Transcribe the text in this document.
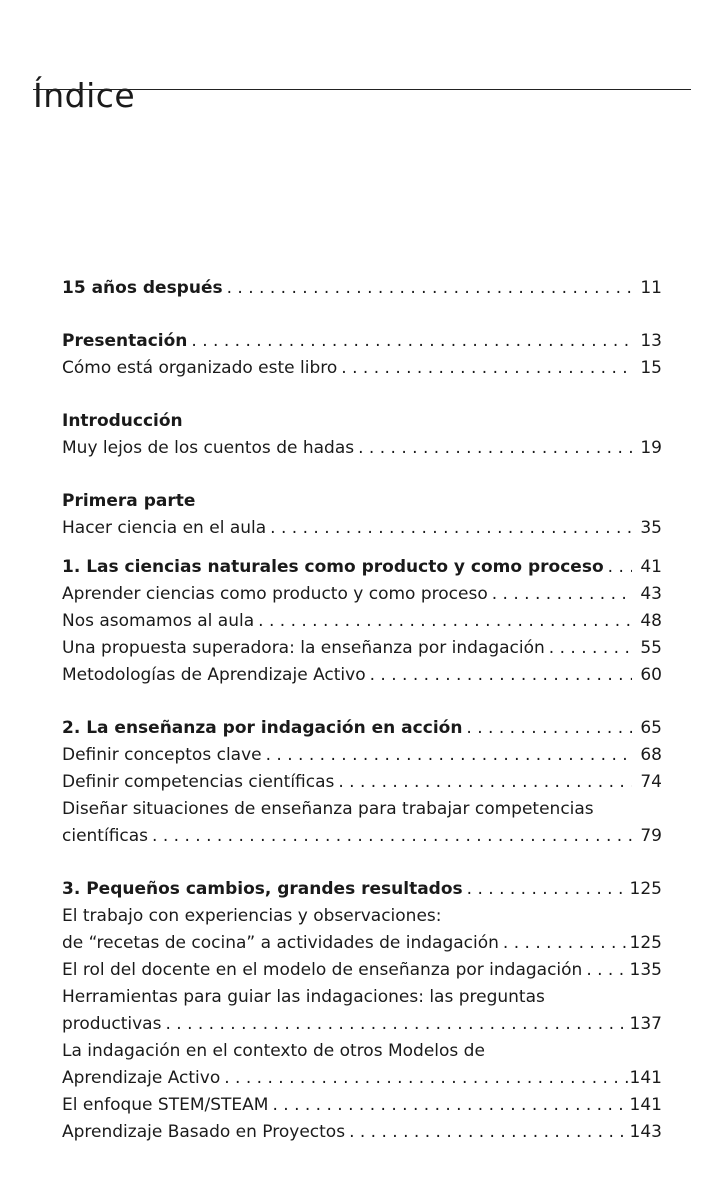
Índice
15 años después . . .	11
Presentación . . .	13
Cómo está organizado este libro . . .	15
Introducción
Muy lejos de los cuentos de hadas . . .	19
Primera parte
Hacer ciencia en el aula . . .	35
1. Las ciencias naturales como producto y como proceso . . .	41
Aprender ciencias como producto y como proceso . . .	43
Nos asomamos al aula . . .	48
Una propuesta superadora: la enseñanza por indagación . . .	55
Metodologías de Aprendizaje Activo . . .	60
2. La enseñanza por indagación en acción . . .	65
Definir conceptos clave . . .	68
Definir competencias científicas . . .	74
Diseñar situaciones de enseñanza para trabajar competencias
científicas . . .	79
3. Pequeños cambios, grandes resultados . . .	125
El trabajo con experiencias y observaciones:
de “recetas de cocina” a actividades de indagación . . .	125
El rol del docente en el modelo de enseñanza por indagación . . .	135
Herramientas para guiar las indagaciones: las preguntas
productivas . . .	137
La indagación en el contexto de otros Modelos de
Aprendizaje Activo . . .	141
El enfoque STEM/STEAM . . .	141
Aprendizaje Basado en Proyectos . . .	143
